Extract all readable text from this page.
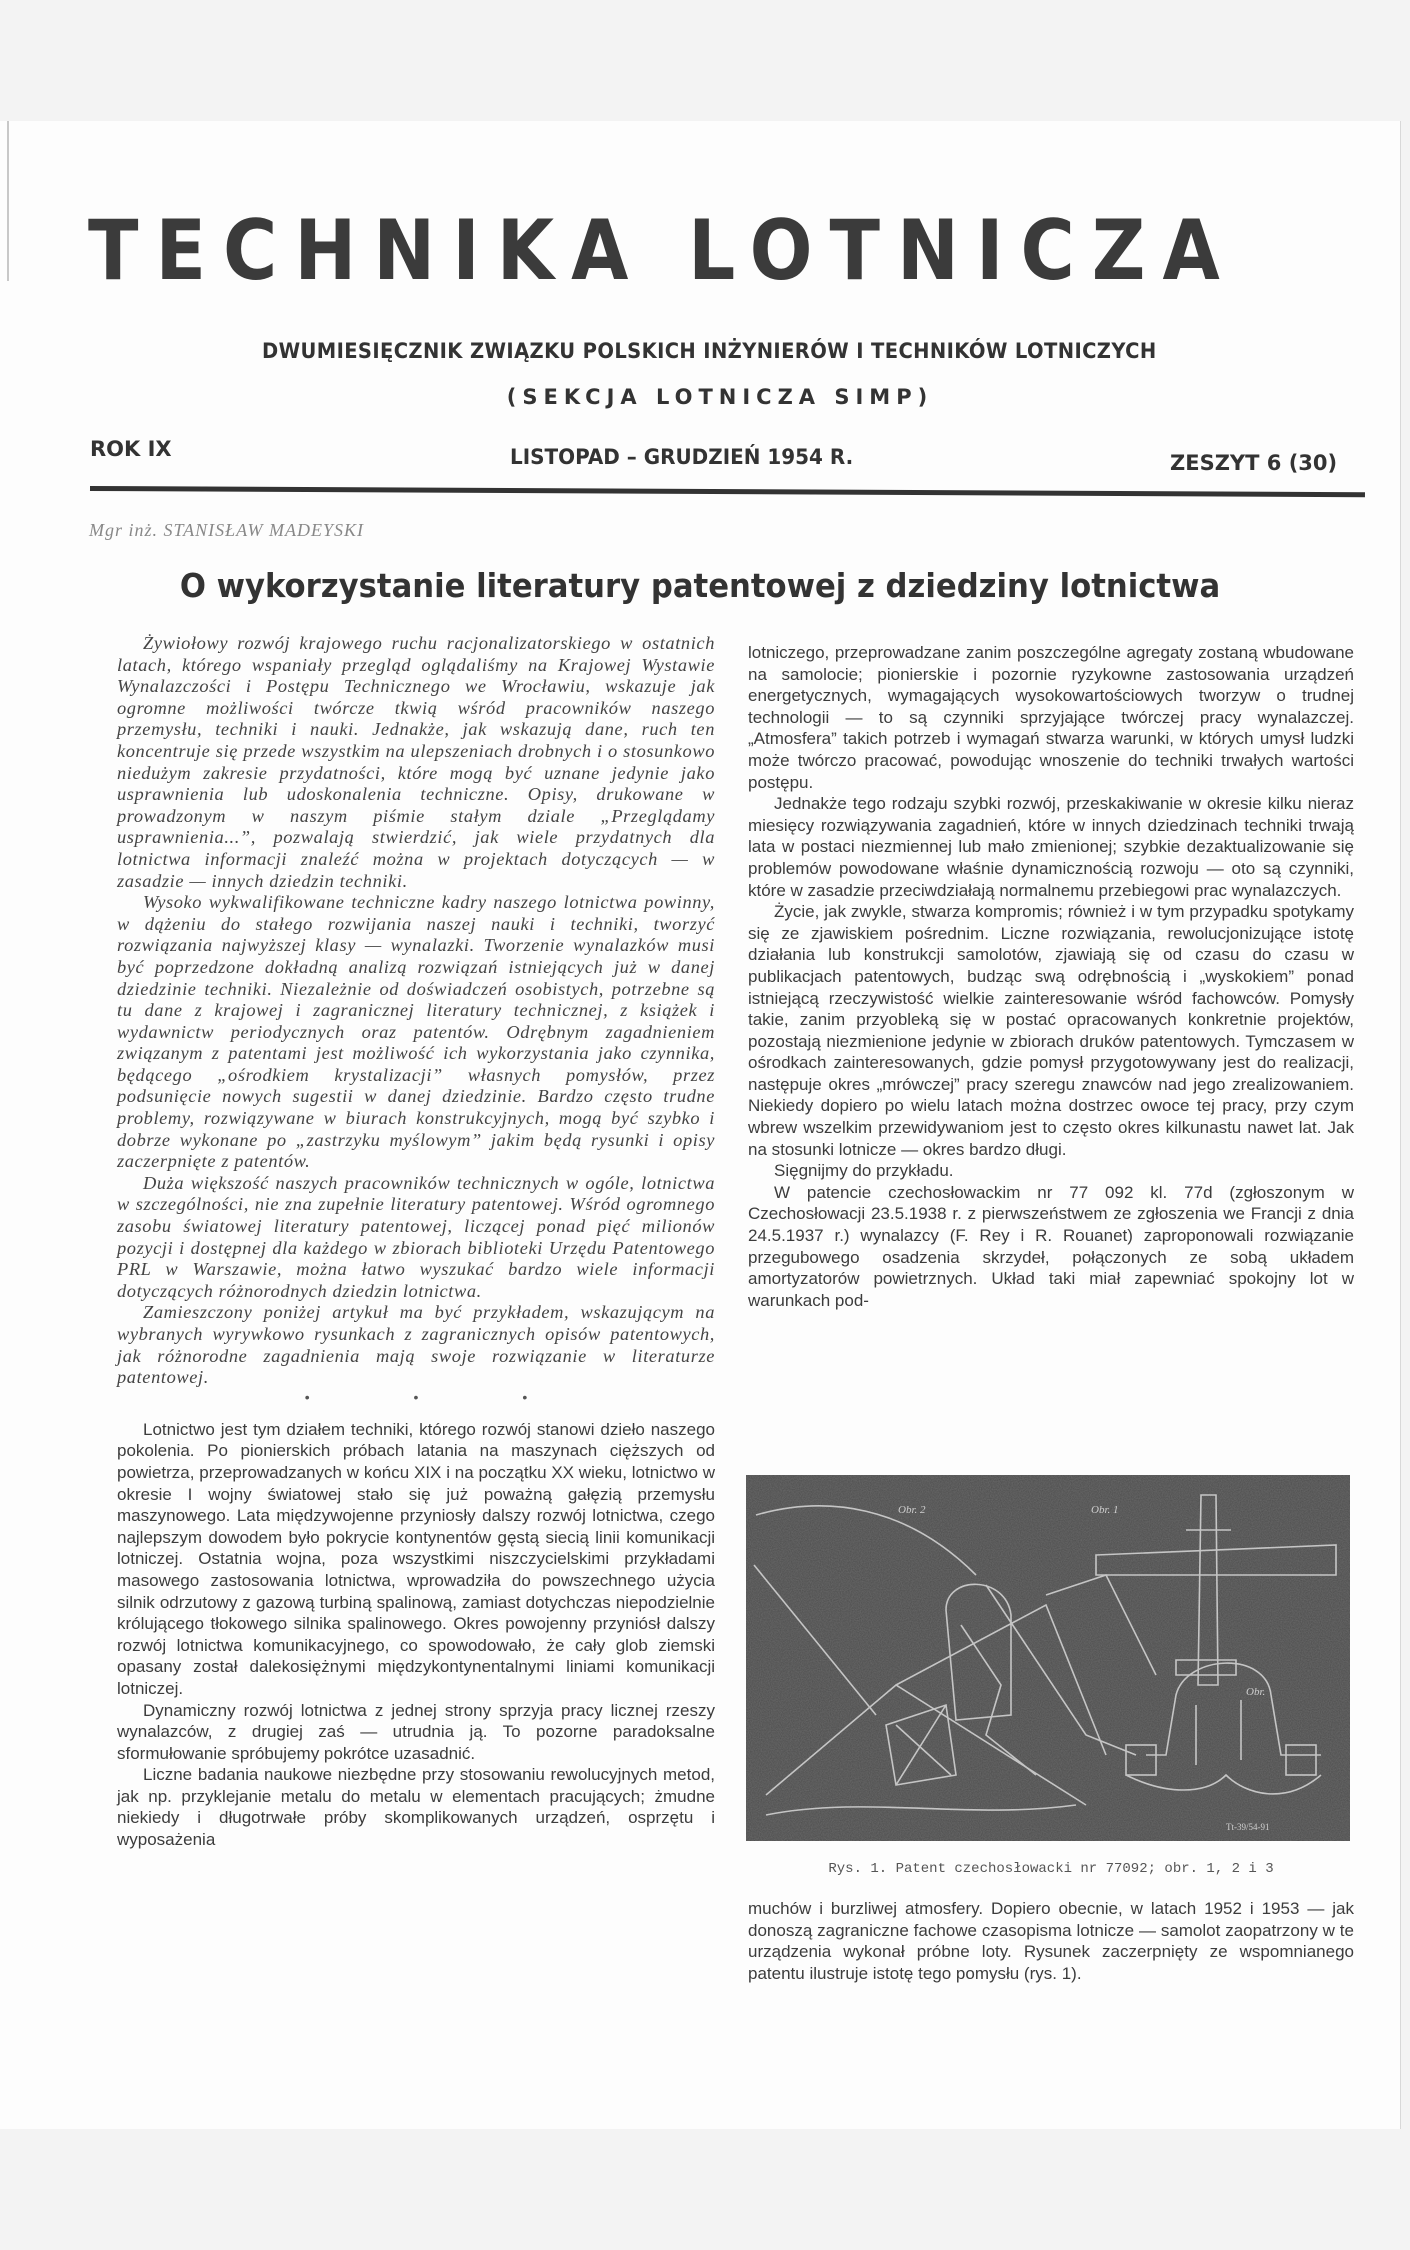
TECHNIKA LOTNICZA
DWUMIESIĘCZNIK ZWIĄZKU POLSKICH INŻYNIERÓW I TECHNIKÓW LOTNICZYCH
(SEKCJA LOTNICZA SIMP)
ROK IX	LISTOPAD – GRUDZIEŃ 1954 R.	ZESZYT 6 (30)
Mgr inż. STANISŁAW MADEYSKI
O wykorzystanie literatury patentowej z dziedziny lotnictwa

Żywiołowy rozwój krajowego ruchu racjonalizatorskiego w ostatnich latach, którego wspaniały przegląd oglądaliśmy na Krajowej Wystawie Wynalazczości i Postępu Technicznego we Wrocławiu, wskazuje jak ogromne możliwości twórcze tkwią wśród pracowników naszego przemysłu, techniki i nauki. Jednakże, jak wskazują dane, ruch ten koncentruje się przede wszystkim na ulepszeniach drobnych i o stosunkowo niedużym zakresie przydatności, które mogą być uznane jedynie jako usprawnienia lub udoskonalenia techniczne. Opisy, drukowane w prowadzonym w naszym piśmie stałym dziale „Przeglądamy usprawnienia...”, pozwalają stwierdzić, jak wiele przydatnych dla lotnictwa informacji znaleźć można w projektach dotyczących — w zasadzie — innych dziedzin techniki.

Wysoko wykwalifikowane techniczne kadry naszego lotnictwa powinny, w dążeniu do stałego rozwijania naszej nauki i techniki, tworzyć rozwiązania najwyższej klasy — wynalazki. Tworzenie wynalazków musi być poprzedzone dokładną analizą rozwiązań istniejących już w danej dziedzinie techniki. Niezależnie od doświadczeń osobistych, potrzebne są tu dane z krajowej i zagranicznej literatury technicznej, z książek i wydawnictw periodycznych oraz patentów. Odrębnym zagadnieniem związanym z patentami jest możliwość ich wykorzystania jako czynnika, będącego „ośrodkiem krystalizacji” własnych pomysłów, przez podsunięcie nowych sugestii w danej dziedzinie. Bardzo często trudne problemy, rozwiązywane w biurach konstrukcyjnych, mogą być szybko i dobrze wykonane po „zastrzyku myślowym” jakim będą rysunki i opisy zaczerpnięte z patentów.

Duża większość naszych pracowników technicznych w ogóle, lotnictwa w szczególności, nie zna zupełnie literatury patentowej. Wśród ogromnego zasobu światowej literatury patentowej, liczącej ponad pięć milionów pozycji i dostępnej dla każdego w zbiorach biblioteki Urzędu Patentowego PRL w Warszawie, można łatwo wyszukać bardzo wiele informacji dotyczących różnorodnych dziedzin lotnictwa.

Zamieszczony poniżej artykuł ma być przykładem, wskazującym na wybranych wyrywkowo rysunkach z zagranicznych opisów patentowych, jak różnorodne zagadnienia mają swoje rozwiązanie w literaturze patentowej.

• • •

Lotnictwo jest tym działem techniki, którego rozwój stanowi dzieło naszego pokolenia. Po pionierskich próbach latania na maszynach cięższych od powietrza, przeprowadzanych w końcu XIX i na początku XX wieku, lotnictwo w okresie I wojny światowej stało się już poważną gałęzią przemysłu maszynowego. Lata międzywojenne przyniosły dalszy rozwój lotnictwa, czego najlepszym dowodem było pokrycie kontynentów gęstą siecią linii komunikacji lotniczej. Ostatnia wojna, poza wszystkimi niszczycielskimi przykładami masowego zastosowania lotnictwa, wprowadziła do powszechnego użycia silnik odrzutowy z gazową turbiną spalinową, zamiast dotychczas niepodzielnie królującego tłokowego silnika spalinowego. Okres powojenny przyniósł dalszy rozwój lotnictwa komunikacyjnego, co spowodowało, że cały glob ziemski opasany został dalekosiężnymi międzykontynentalnymi liniami komunikacji lotniczej.

Dynamiczny rozwój lotnictwa z jednej strony sprzyja pracy licznej rzeszy wynalazców, z drugiej zaś — utrudnia ją. To pozorne paradoksalne sformułowanie spróbujemy pokrótce uzasadnić.

Liczne badania naukowe niezbędne przy stosowaniu rewolucyjnych metod, jak np. przyklejanie metalu do metalu w elementach pracujących; żmudne niekiedy i długotrwałe próby skomplikowanych urządzeń, osprzętu i wyposażenia

lotniczego, przeprowadzane zanim poszczególne agregaty zostaną wbudowane na samolocie; pionierskie i pozornie ryzykowne zastosowania urządzeń energetycznych, wymagających wysokowartościowych tworzyw o trudnej technologii — to są czynniki sprzyjające twórczej pracy wynalazczej. „Atmosfera” takich potrzeb i wymagań stwarza warunki, w których umysł ludzki może twórczo pracować, powodując wnoszenie do techniki trwałych wartości postępu.

Jednakże tego rodzaju szybki rozwój, przeskakiwanie w okresie kilku nieraz miesięcy rozwiązywania zagadnień, które w innych dziedzinach techniki trwają lata w postaci niezmiennej lub mało zmienionej; szybkie dezaktualizowanie się problemów powodowane właśnie dynamicznością rozwoju — oto są czynniki, które w zasadzie przeciwdziałają normalnemu przebiegowi prac wynalazczych.

Życie, jak zwykle, stwarza kompromis; również i w tym przypadku spotykamy się ze zjawiskiem pośrednim. Liczne rozwiązania, rewolucjonizujące istotę działania lub konstrukcji samolotów, zjawiają się od czasu do czasu w publikacjach patentowych, budząc swą odrębnością i „wyskokiem” ponad istniejącą rzeczywistość wielkie zainteresowanie wśród fachowców. Pomysły takie, zanim przyobleką się w postać opracowanych konkretnie projektów, pozostają niezmienione jedynie w zbiorach druków patentowych. Tymczasem w ośrodkach zainteresowanych, gdzie pomysł przygotowywany jest do realizacji, następuje okres „mrówczej” pracy szeregu znawców nad jego zrealizowaniem. Niekiedy dopiero po wielu latach można dostrzec owoce tej pracy, przy czym wbrew wszelkim przewidywaniom jest to często okres kilkunastu nawet lat. Jak na stosunki lotnicze — okres bardzo długi.

Sięgnijmy do przykładu.

W patencie czechosłowackim nr 77 092 kl. 77d (zgłoszonym w Czechosłowacji 23.5.1938 r. z pierwszeństwem ze zgłoszenia we Francji z dnia 24.5.1937 r.) wynalazcy (F. Rey i R. Rouanet) zaproponowali rozwiązanie przegubowego osadzenia skrzydeł, połączonych ze sobą układem amortyzatorów powietrznych. Układ taki miał zapewniać spokojny lot w warunkach pod-

Obr. 2	Obr. 1
Obr.
Tt-39/54-91
Rys. 1. Patent czechosłowacki nr 77092; obr. 1, 2 i 3

muchów i burzliwej atmosfery. Dopiero obecnie, w latach 1952 i 1953 — jak donoszą zagraniczne fachowe czasopisma lotnicze — samolot zaopatrzony w te urządzenia wykonał próbne loty. Rysunek zaczerpnięty ze wspomnianego patentu ilustruje istotę tego pomysłu (rys. 1).
